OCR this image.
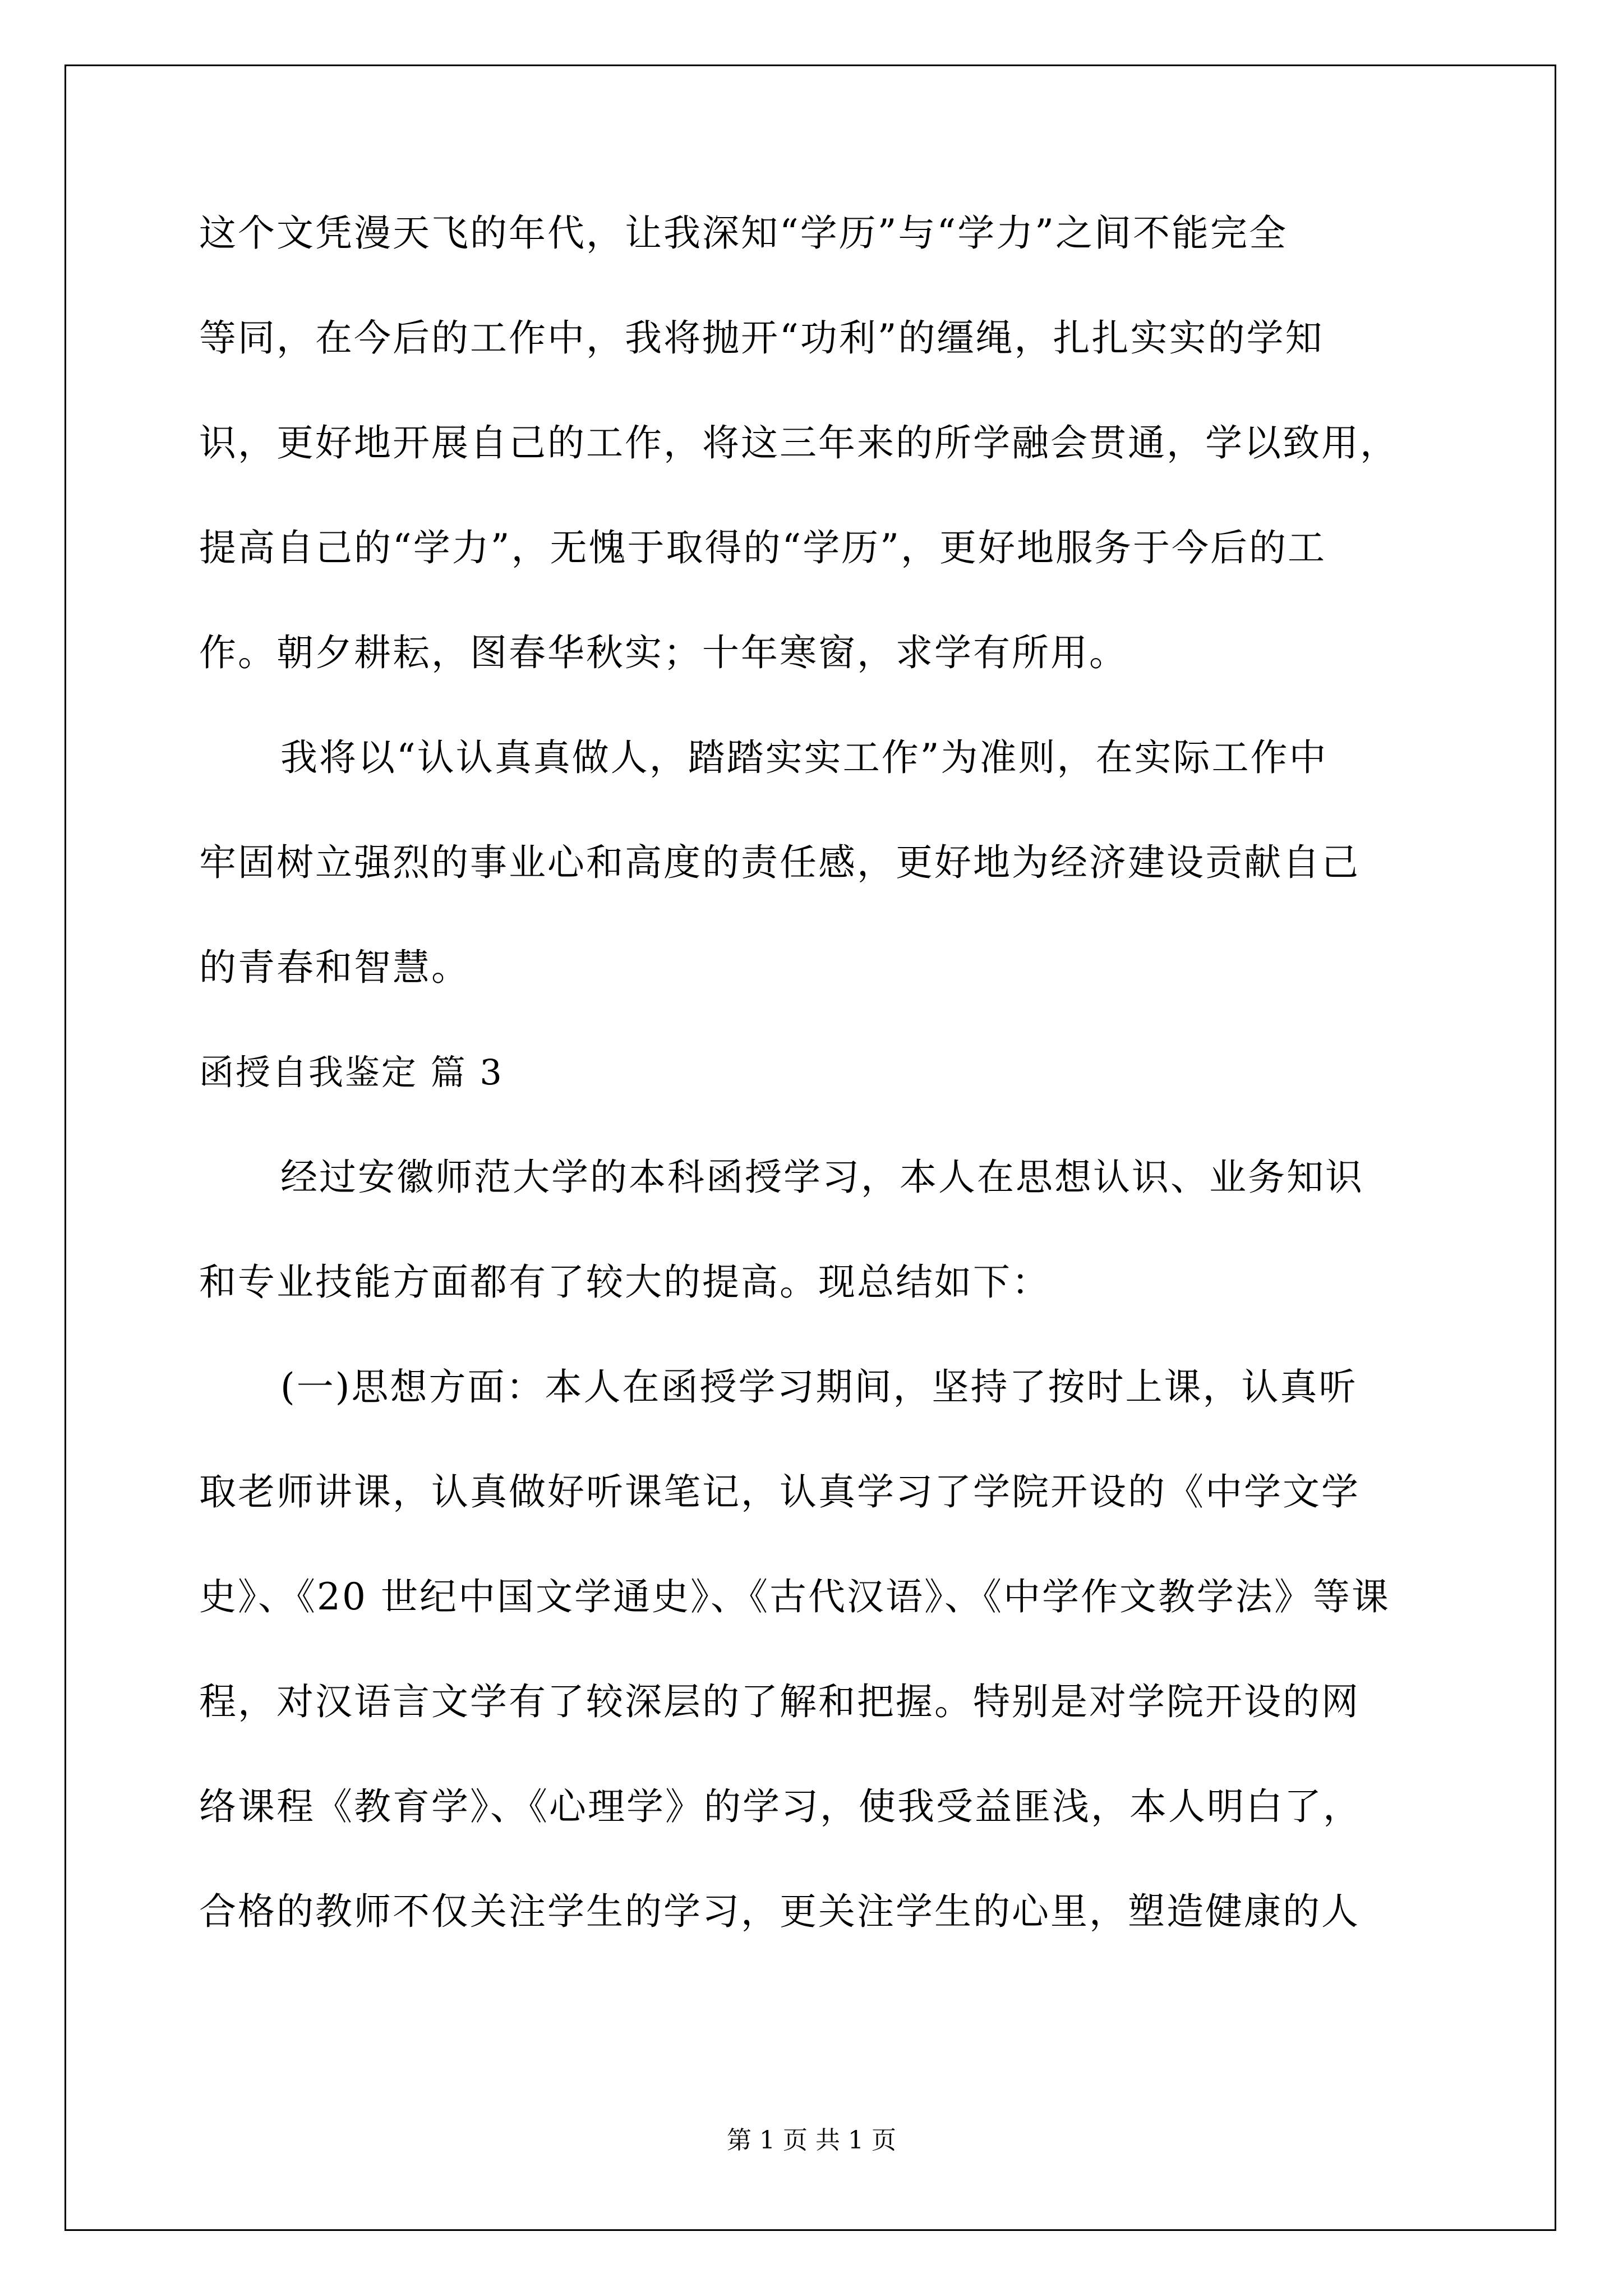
这个文凭漫天飞的年代，让我深知“学历”与“学力”之间不能完全
等同，在今后的工作中，我将抛开“功利”的缰绳，扎扎实实的学知
识，更好地开展自己的工作，将这三年来的所学融会贯通，学以致用，
提高自己的“学力”，无愧于取得的“学历”，更好地服务于今后的工
作。朝夕耕耘，图春华秋实；十年寒窗，求学有所用。
我将以“认认真真做人，踏踏实实工作”为准则，在实际工作中
牢固树立强烈的事业心和高度的责任感，更好地为经济建设贡献自己
的青春和智慧。
函授自我鉴定 篇 3
经过安徽师范大学的本科函授学习，本人在思想认识、业务知识
和专业技能方面都有了较大的提高。现总结如下：
(一)思想方面：本人在函授学习期间，坚持了按时上课，认真听
取老师讲课，认真做好听课笔记，认真学习了学院开设的《中学文学
史》、《20 世纪中国文学通史》、《古代汉语》、《中学作文教学法》等课
程，对汉语言文学有了较深层的了解和把握。特别是对学院开设的网
络课程《教育学》、《心理学》的学习，使我受益匪浅，本人明白了，
合格的教师不仅关注学生的学习，更关注学生的心里，塑造健康的人
第 1 页 共 1 页
